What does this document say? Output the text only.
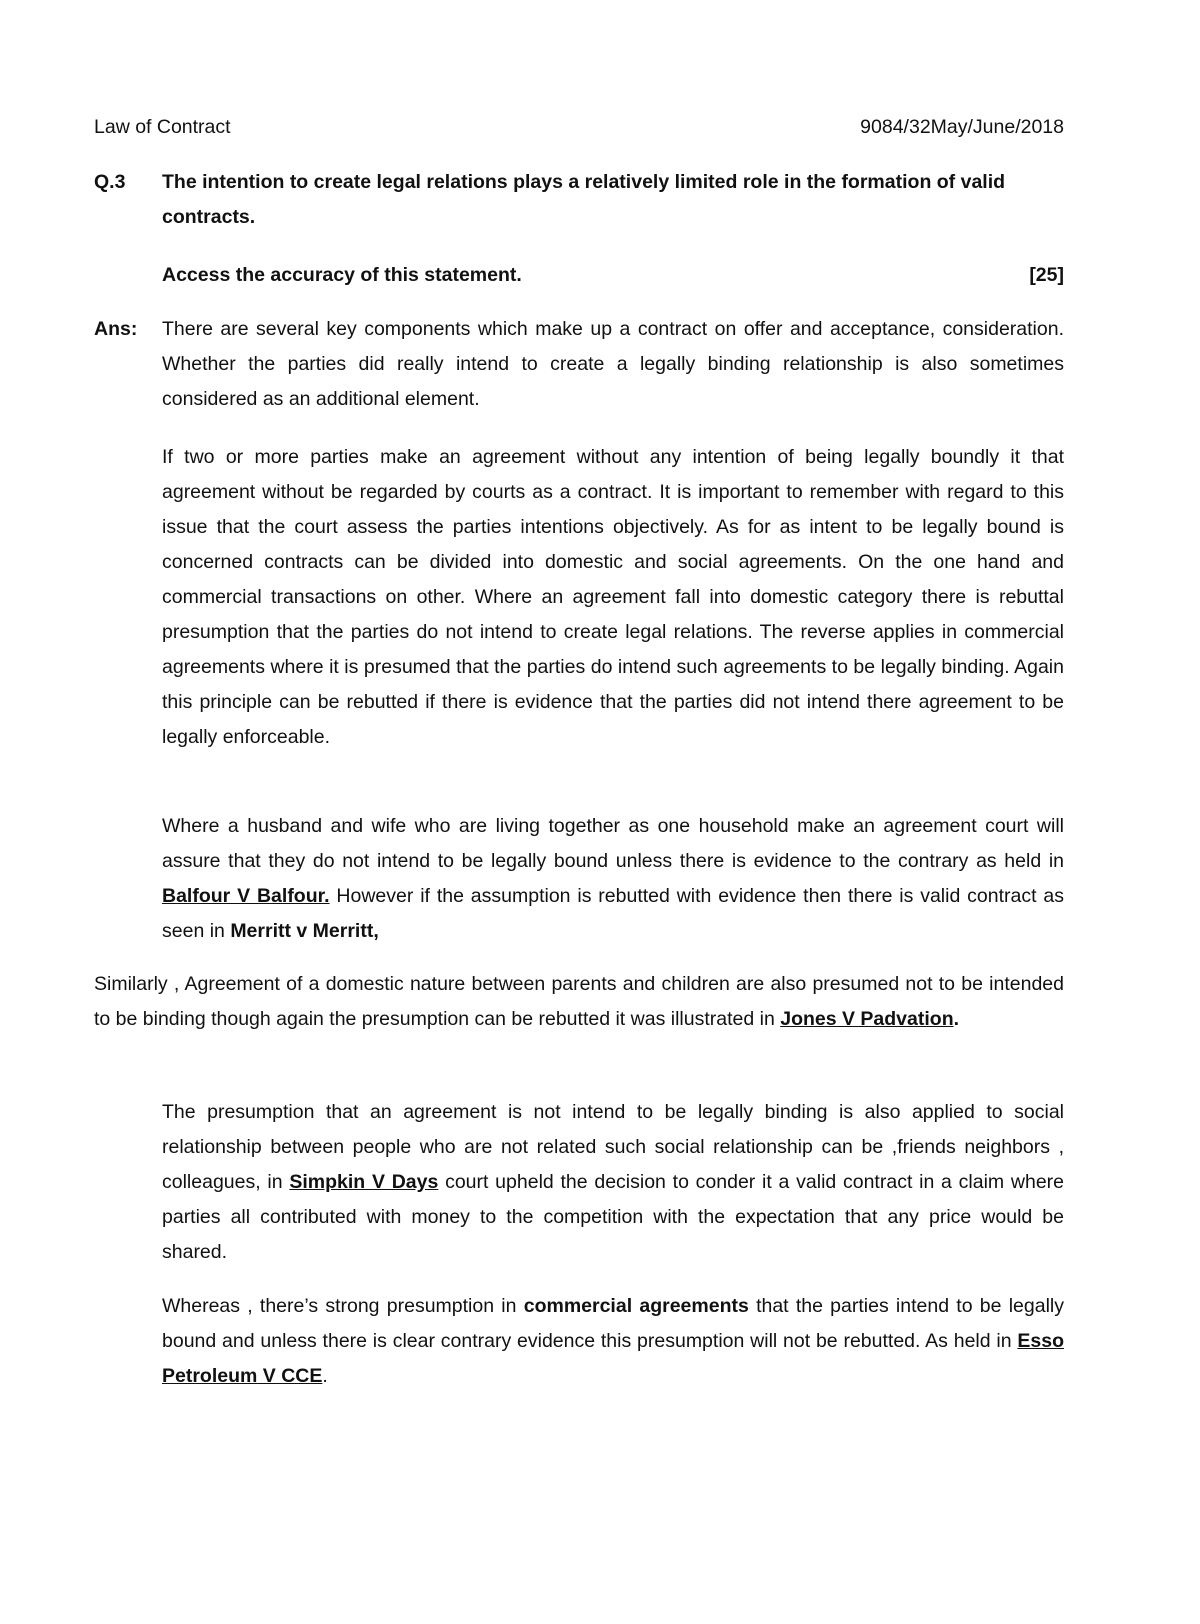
Law of Contract	9084/32May/June/2018
Q.3 The intention to create legal relations plays a relatively limited role in the formation of valid contracts.
Access the accuracy of this statement.	[25]
Ans: There are several key components which make up a contract on offer and acceptance, consideration. Whether the parties did really intend to create a legally binding relationship is also sometimes considered as an additional element.

If two or more parties make an agreement without any intention of being legally boundly it that agreement without be regarded by courts as a contract. It is important to remember with regard to this issue that the court assess the parties intentions objectively. As for as intent to be legally bound is concerned contracts can be divided into domestic and social agreements. On the one hand and commercial transactions on other. Where an agreement fall into domestic category there is rebuttal presumption that the parties do not intend to create legal relations. The reverse applies in commercial agreements where it is presumed that the parties do intend such agreements to be legally binding. Again this principle can be rebutted if there is evidence that the parties did not intend there agreement to be legally enforceable.

Where a husband and wife who are living together as one household make an agreement court will assure that they do not intend to be legally bound unless there is evidence to the contrary as held in Balfour V Balfour. However if the assumption is rebutted with evidence then there is valid contract as seen in Merritt v Merritt,

Similarly , Agreement of a domestic nature between parents and children are also presumed not to be intended to be binding though again the presumption can be rebutted it was illustrated in Jones V Padvation.

The presumption that an agreement is not intend to be legally binding is also applied to social relationship between people who are not related such social relationship can be ,friends neighbors , colleagues, in Simpkin V Days court upheld the decision to conder it a valid contract in a claim where parties all contributed with money to the competition with the expectation that any price would be shared.

Whereas , there’s strong presumption in commercial agreements that the parties intend to be legally bound and unless there is clear contrary evidence this presumption will not be rebutted. As held in Esso Petroleum V CCE.
